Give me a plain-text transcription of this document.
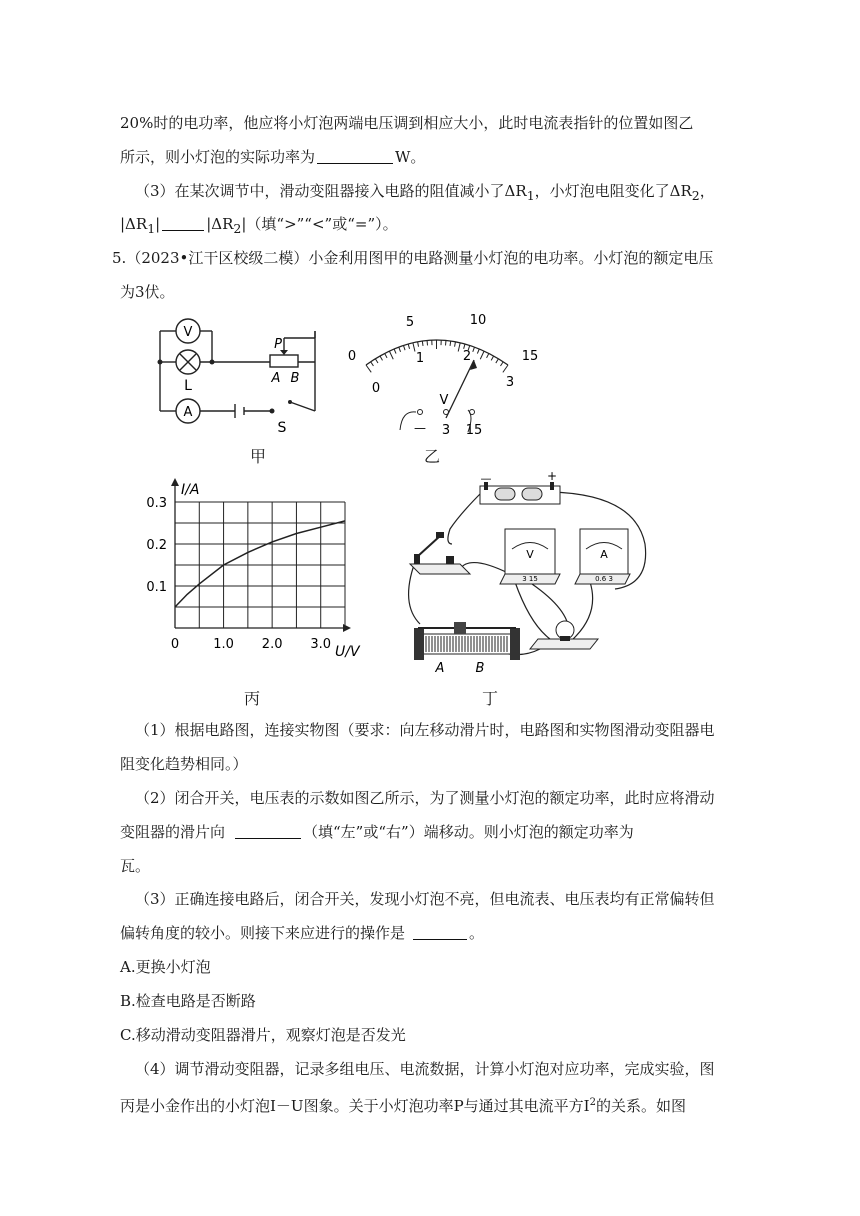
20%时的电功率，他应将小灯泡两端电压调到相应大小，此时电流表指针的位置如图乙
所示，则小灯泡的实际功率为	W。
（3）在某次调节中，滑动变阻器接入电路的阻值减小了$\Delta R_1$，小灯泡电阻变化了$\Delta R_2$，
$|\Delta R_1|$	$|\Delta R_2|$（填“>”“<”或“=”）。
5.（2023•江干区校级二模）小金利用图甲的电路测量小灯泡的电功率。小灯泡的额定电压
为3伏。
V
A
L
P
A B
S
甲
0
5	10
15
0
1	2
3
V
— 3 15
乙
0	1.0 2.0 3.0
0.1
0.2
0.3
I/A
U/V
丙
—	+
V
3 15
A
0.6 3
A B
丁
（1）根据电路图，连接实物图（要求：向左移动滑片时，电路图和实物图滑动变阻器电
阻变化趋势相同。）
（2）闭合开关，电压表的示数如图乙所示，为了测量小灯泡的额定功率，此时应将滑动
变阻器的滑片向	（填“左”或“右”）端移动。则小灯泡的额定功率为
瓦。
（3）正确连接电路后，闭合开关，发现小灯泡不亮，但电流表、电压表均有正常偏转但
偏转角度的较小。则接下来应进行的操作是	。
A.更换小灯泡
B.检查电路是否断路
C.移动滑动变阻器滑片，观察灯泡是否发光
（4）调节滑动变阻器，记录多组电压、电流数据，计算小灯泡对应功率，完成实验，图
丙是小金作出的小灯泡I－U图象。关于小灯泡功率P与通过其电流平方$I^2$的关系。如图
